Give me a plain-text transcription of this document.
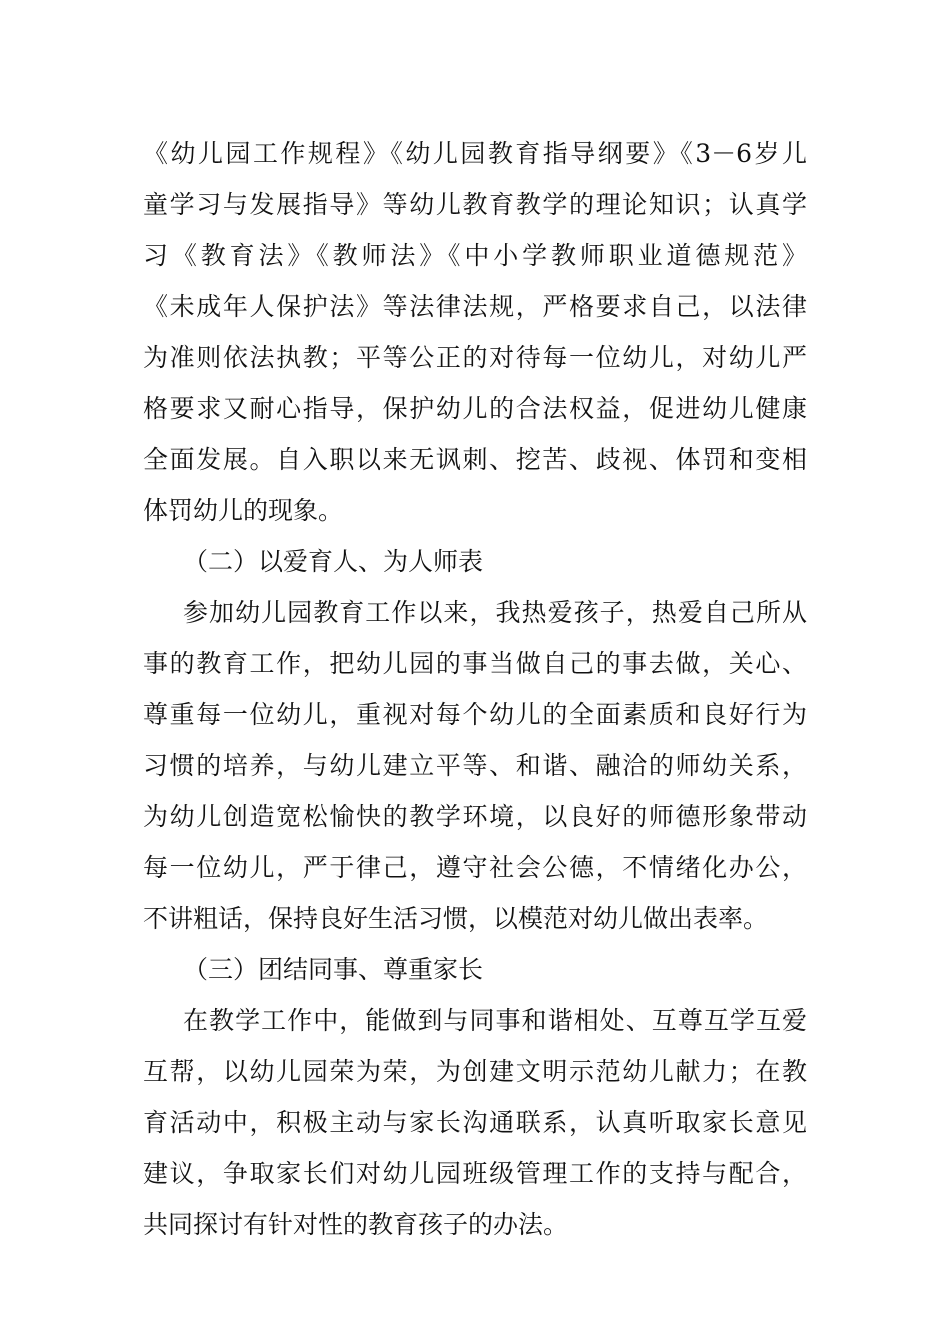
《幼儿园工作规程》《幼儿园教育指导纲要》《3－6岁儿
童学习与发展指导》等幼儿教育教学的理论知识；认真学
习《教育法》《教师法》《中小学教师职业道德规范》
《未成年人保护法》等法律法规，严格要求自己，以法律
为准则依法执教；平等公正的对待每一位幼儿，对幼儿严
格要求又耐心指导，保护幼儿的合法权益，促进幼儿健康
全面发展。自入职以来无讽刺、挖苦、歧视、体罚和变相
体罚幼儿的现象。
（二）以爱育人、为人师表
参加幼儿园教育工作以来，我热爱孩子，热爱自己所从
事的教育工作，把幼儿园的事当做自己的事去做，关心、
尊重每一位幼儿，重视对每个幼儿的全面素质和良好行为
习惯的培养，与幼儿建立平等、和谐、融洽的师幼关系，
为幼儿创造宽松愉快的教学环境，以良好的师德形象带动
每一位幼儿，严于律己，遵守社会公德，不情绪化办公，
不讲粗话，保持良好生活习惯，以模范对幼儿做出表率。
（三）团结同事、尊重家长
在教学工作中，能做到与同事和谐相处、互尊互学互爱
互帮，以幼儿园荣为荣，为创建文明示范幼儿献力；在教
育活动中，积极主动与家长沟通联系，认真听取家长意见
建议，争取家长们对幼儿园班级管理工作的支持与配合，
共同探讨有针对性的教育孩子的办法。
